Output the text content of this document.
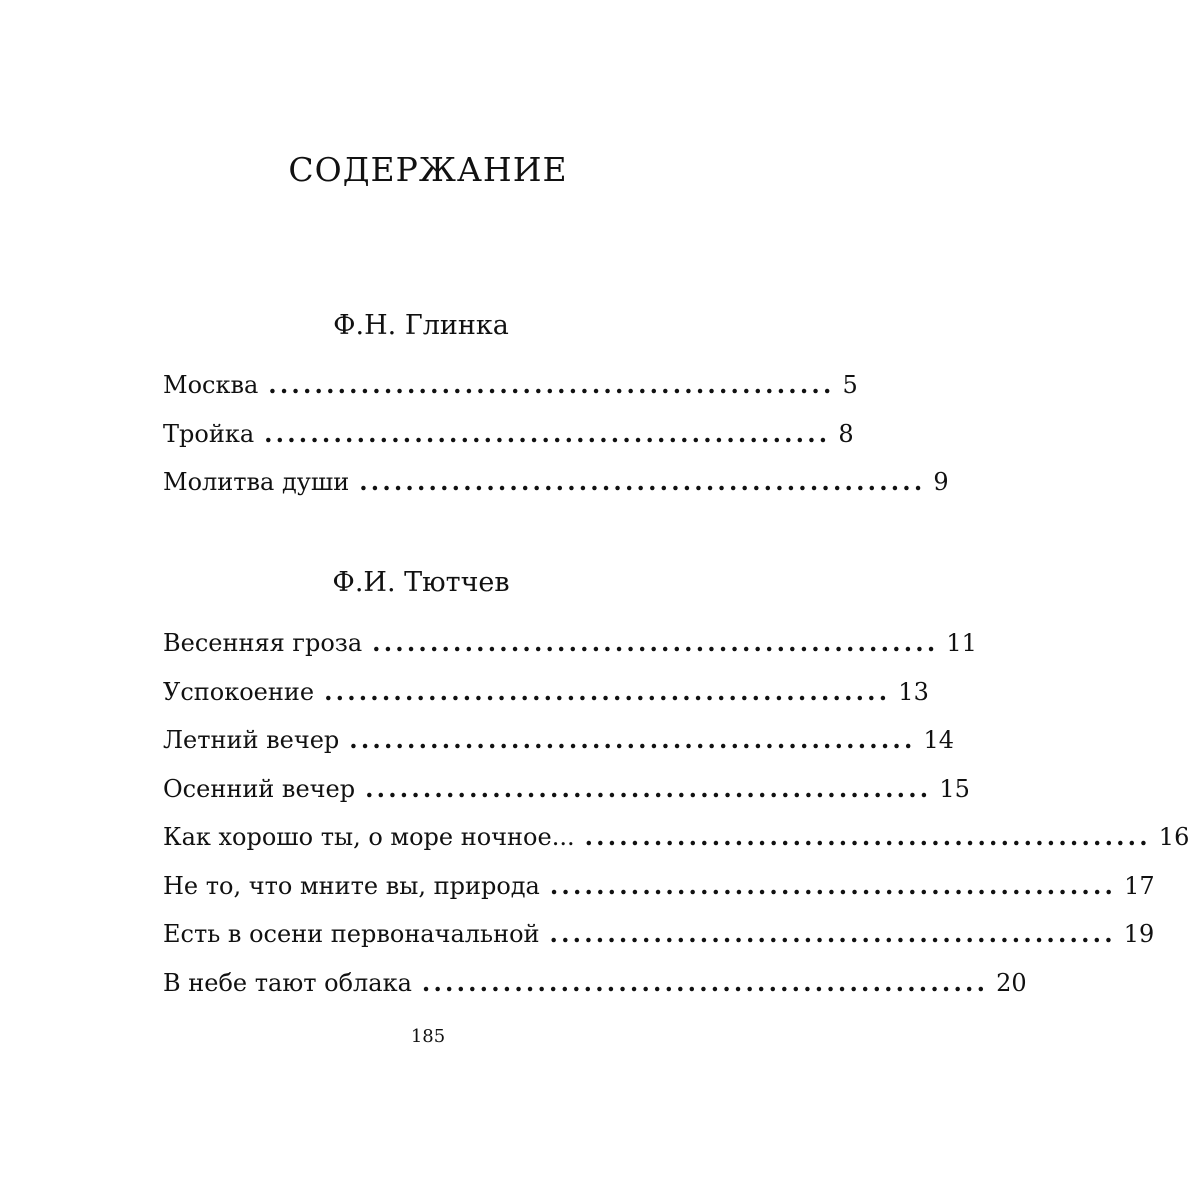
СОДЕРЖАНИЕ
Ф.Н. Глинка
Москва ................................................. 5
Тройка ................................................. 8
Молитва души ................................................. 9
Ф.И. Тютчев
Весенняя гроза ................................................. 11
Успокоение ................................................. 13
Летний вечер ................................................. 14
Осенний вечер ................................................. 15
Как хорошо ты, о море ночное... ................................................. 16
Не то, что мните вы, природа ................................................. 17
Есть в осени первоначальной ................................................. 19
В небе тают облака ................................................. 20
185
